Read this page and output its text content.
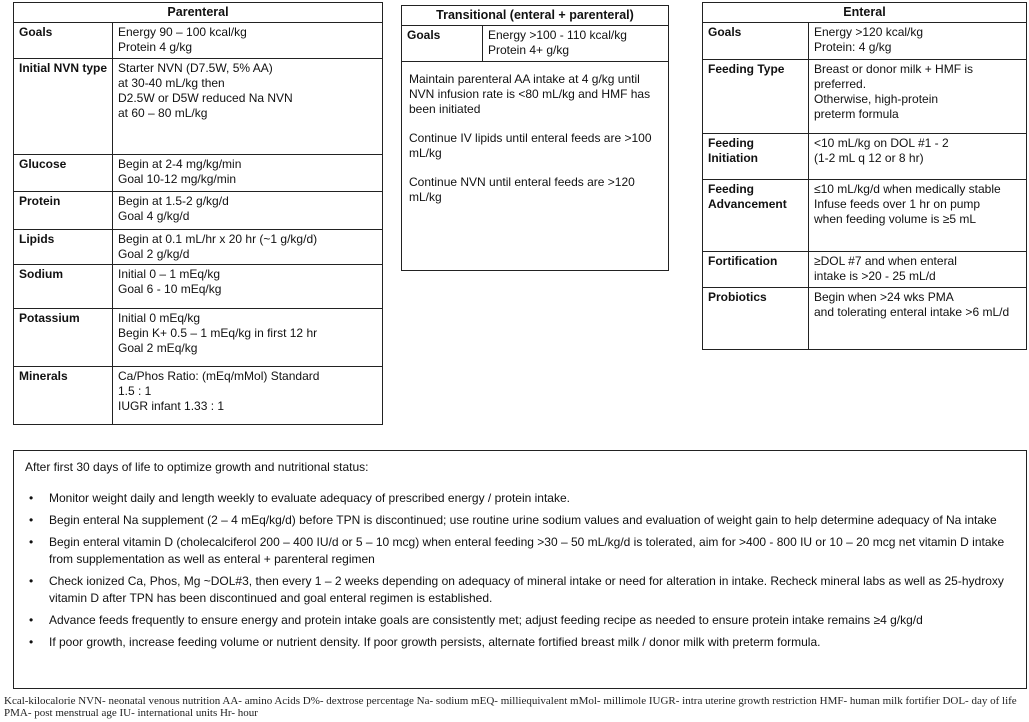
Parenteral	
Goals	Energy 90 – 100 kcal/kg
Protein 4 g/kg

Initial NVN type	Starter NVN (D7.5W, 5% AA)
at 30-40 mL/kg then
D2.5W or D5W reduced Na NVN
at 60 – 80 mL/kg

Glucose	Begin at 2-4 mg/kg/min
Goal 10-12 mg/kg/min

Protein	Begin at 1.5-2 g/kg/d
Goal 4 g/kg/d

Lipids	Begin at 0.1 mL/hr x 20 hr (~1 g/kg/d)
Goal 2 g/kg/d

Sodium	Initial 0 – 1 mEq/kg
Goal 6 - 10 mEq/kg

Potassium	Initial 0 mEq/kg
Begin K+ 0.5 – 1 mEq/kg in first 12 hr
Goal 2 mEq/kg

Minerals	Ca/Phos Ratio: (mEq/mMol) Standard
1.5 : 1
IUGR infant 1.33 : 1
Transitional (enteral + parenteral)
Goals	Energy >100 - 110 kcal/kg
Protein 4+ g/kg

Maintain parenteral AA intake at 4 g/kg until NVN infusion rate is <80 mL/kg and HMF has been initiated
Continue IV lipids until enteral feeds are >100 mL/kg
Continue NVN until enteral feeds are >120 mL/kg
Enteral	
Goals	Energy >120 kcal/kg
Protein: 4 g/kg

Feeding Type	Breast or donor milk + HMF is preferred.
Otherwise, high-protein
preterm formula

Feeding Initiation	<10 mL/kg on DOL #1 - 2
(1-2 mL q 12 or 8 hr)

Feeding Advancement	≤10 mL/kg/d when medically stable
Infuse feeds over 1 hr on pump
when feeding volume is ≥5 mL

Fortification	≥DOL #7 and when enteral
intake is >20 - 25 mL/d

Probiotics	Begin when >24 wks PMA
and tolerating enteral intake >6 mL/d
After first 30 days of life to optimize growth and nutritional status:
• Monitor weight daily and length weekly to evaluate adequacy of prescribed energy / protein intake.
• Begin enteral Na supplement (2 – 4 mEq/kg/d) before TPN is discontinued; use routine urine sodium values and evaluation of weight gain to help determine adequacy of Na intake
• Begin enteral vitamin D (cholecalciferol 200 – 400 IU/d or 5 – 10 mcg) when enteral feeding >30 – 50 mL/kg/d is tolerated, aim for >400 - 800 IU or 10 – 20 mcg net vitamin D intake from supplementation as well as enteral + parenteral regimen
• Check ionized Ca, Phos, Mg ~DOL#3, then every 1 – 2 weeks depending on adequacy of mineral intake or need for alteration in intake. Recheck mineral labs as well as 25-hydroxy vitamin D after TPN has been discontinued and goal enteral regimen is established.
• Advance feeds frequently to ensure energy and protein intake goals are consistently met; adjust feeding recipe as needed to ensure protein intake remains ≥4 g/kg/d
• If poor growth, increase feeding volume or nutrient density. If poor growth persists, alternate fortified breast milk / donor milk with preterm formula.
Kcal-kilocalorie NVN- neonatal venous nutrition AA- amino Acids D%- dextrose percentage Na- sodium mEQ- milliequivalent mMol- millimole IUGR- intra uterine growth restriction HMF- human milk fortifier DOL- day of life PMA- post menstrual age IU- international units Hr- hour
